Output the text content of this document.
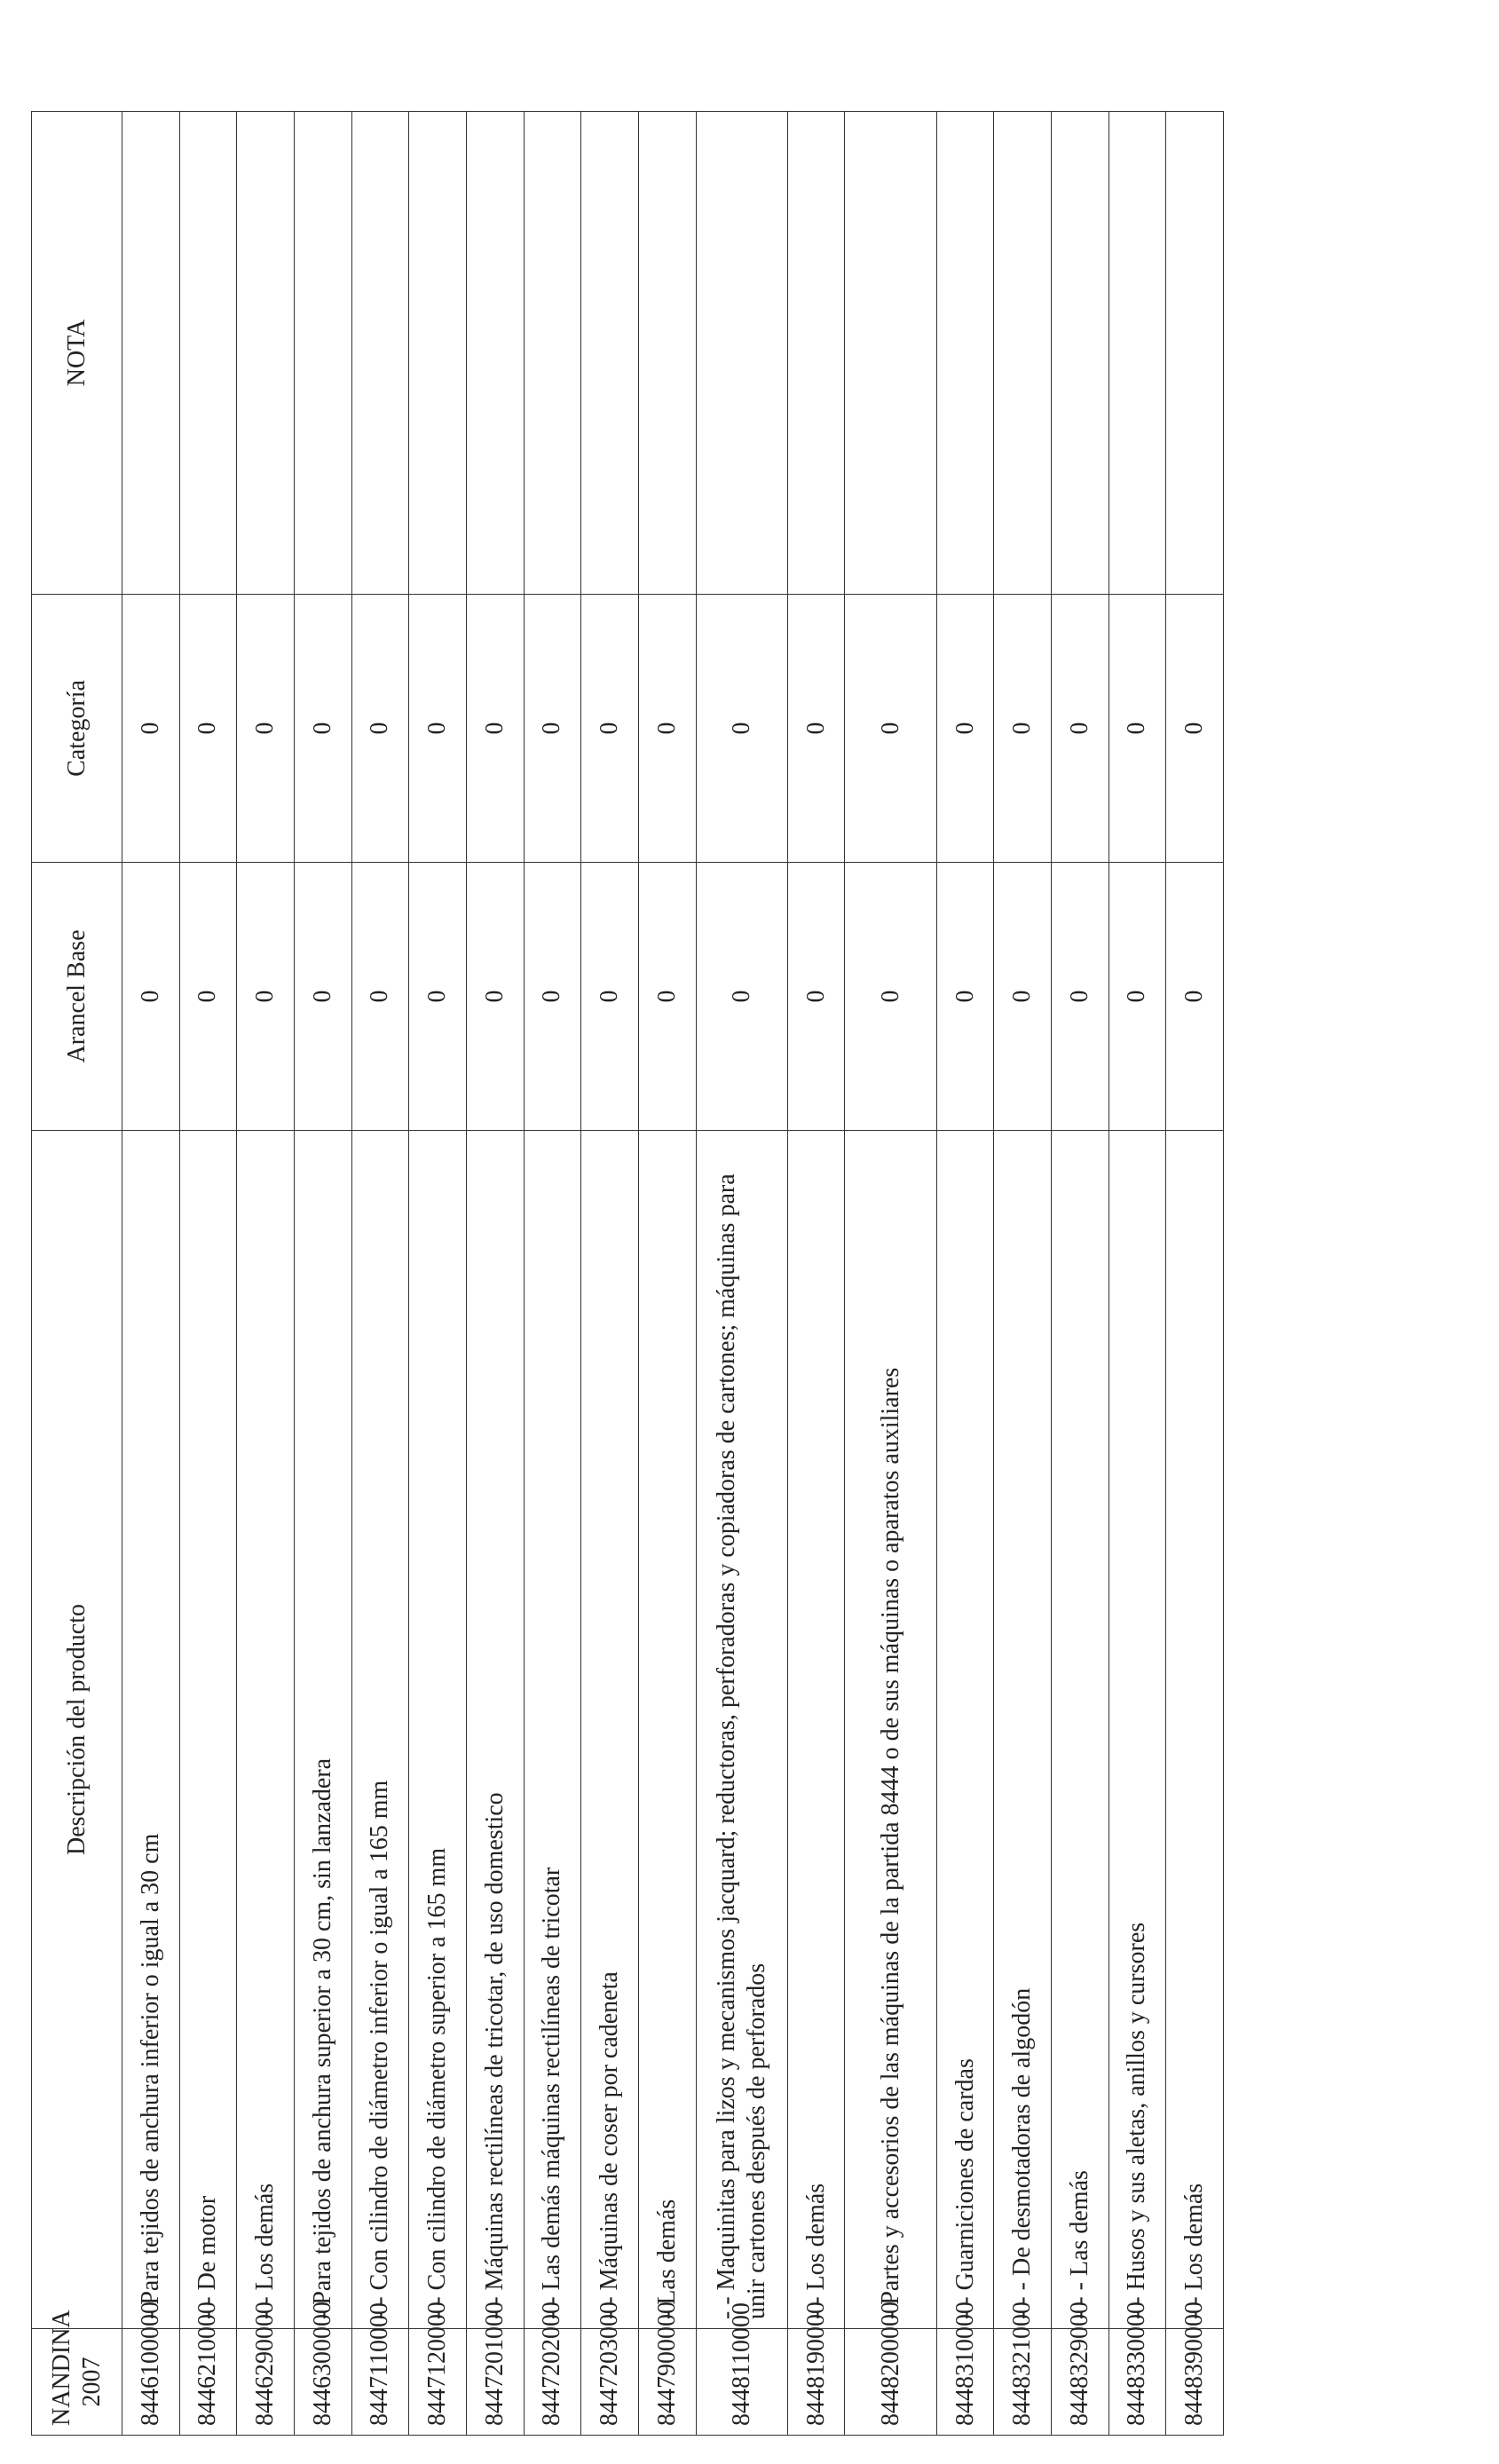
NANDINA 2007	Descripción del producto	Arancel Base	Categoría	NOTA
8446100000	- Para tejidos de anchura inferior o igual a 30 cm	0	0	
8446210000	- - De motor	0	0	
8446290000	- - Los demás	0	0	
8446300000	- Para tejidos de anchura superior a 30 cm, sin lanzadera	0	0	
8447110000	- - Con cilindro de diámetro inferior o igual a 165 mm	0	0	
8447120000	- - Con cilindro de diámetro superior a 165 mm	0	0	
8447201000	- - Máquinas rectilíneas de tricotar, de uso domestico	0	0	
8447202000	- - Las demás máquinas rectilíneas de tricotar	0	0	
8447203000	- - Máquinas de coser por cadeneta	0	0	
8447900000	- Las demás	0	0	
8448110000	- - Maquinitas para lizos y mecanismos jacquard; reductoras, perforadoras y copiadoras de cartones; máquinas para unir cartones después de perforados	0	0	
8448190000	- - Los demás	0	0	
8448200000	- Partes y accesorios de las máquinas de la partida 8444 o de sus máquinas o aparatos auxiliares	0	0	
8448310000	- - Guarniciones de cardas	0	0	
8448321000	- - - De desmotadoras de algodón	0	0	
8448329000	- - - Las demás	0	0	
8448330000	- - Husos y sus aletas, anillos y cursores	0	0	
8448390000	- - Los demás	0	0	
